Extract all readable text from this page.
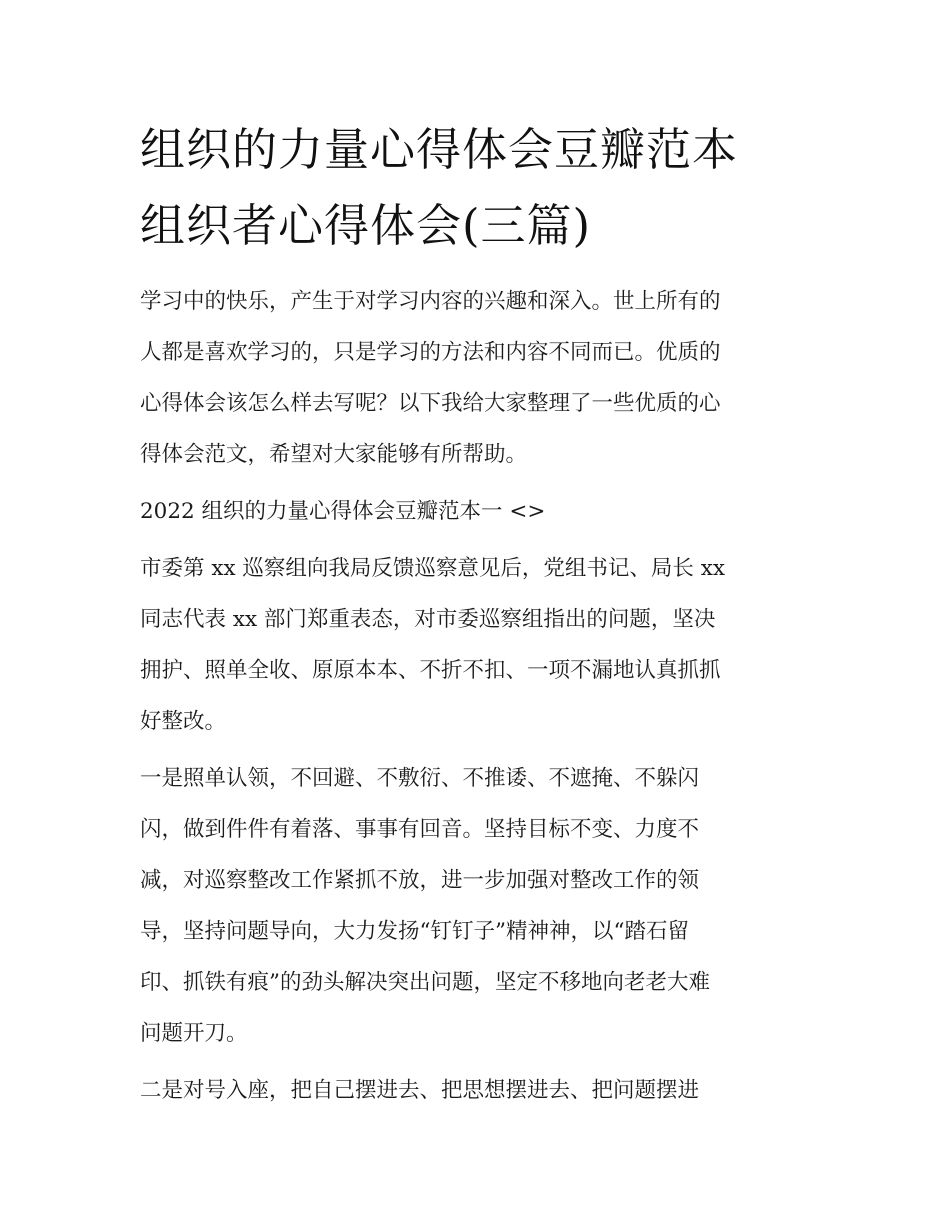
组织的力量心得体会豆瓣范本
组织者心得体会(三篇)

学习中的快乐，产生于对学习内容的兴趣和深入。世上所有的
人都是喜欢学习的，只是学习的方法和内容不同而已。优质的
心得体会该怎么样去写呢？以下我给大家整理了一些优质的心
得体会范文，希望对大家能够有所帮助。

2022 组织的力量心得体会豆瓣范本一 <>

市委第 xx 巡察组向我局反馈巡察意见后，党组书记、局长 xx
同志代表 xx 部门郑重表态，对市委巡察组指出的问题，坚决
拥护、照单全收、原原本本、不折不扣、一项不漏地认真抓抓
好整改。

一是照单认领，不回避、不敷衍、不推诿、不遮掩、不躲闪
闪，做到件件有着落、事事有回音。坚持目标不变、力度不
减，对巡察整改工作紧抓不放，进一步加强对整改工作的领
导，坚持问题导向，大力发扬“钉钉子”精神神，以“踏石留
印、抓铁有痕”的劲头解决突出问题，坚定不移地向老老大难
问题开刀。

二是对号入座，把自己摆进去、把思想摆进去、把问题摆进
